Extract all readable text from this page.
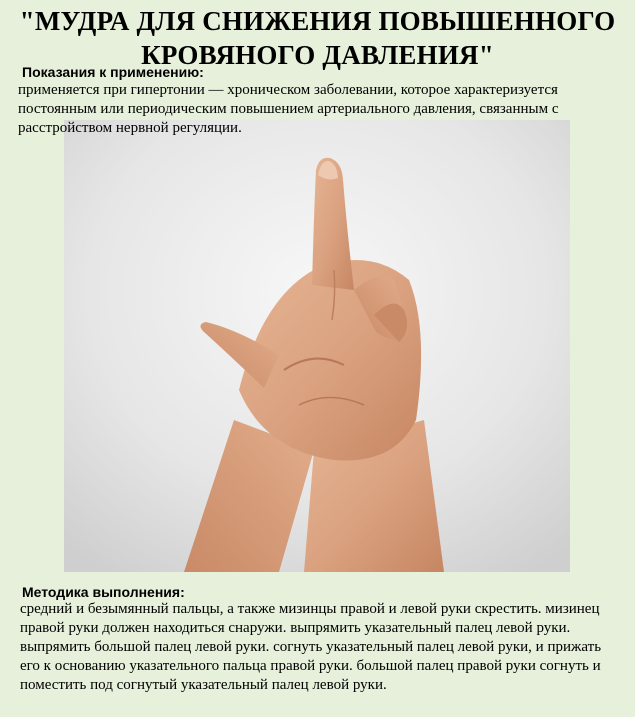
"МУДРА ДЛЯ СНИЖЕНИЯ ПОВЫШЕННОГО
КРОВЯНОГО ДАВЛЕНИЯ"
Показания к применению:
применяется при гипертонии — хроническом заболевании, которое характеризуется постоянным или периодическим повышением артериального давления, связанным с расстройством нервной регуляции.
Методика выполнения:
средний и безымянный пальцы, а также мизинцы правой и левой руки скрестить. мизинец правой руки должен находиться снаружи. выпрямить указательный палец левой руки. выпрямить большой палец левой руки. согнуть указательный палец левой руки, и прижать его к основанию указательного пальца правой руки. большой палец правой руки согнуть и поместить под согнутый указательный палец левой руки.
